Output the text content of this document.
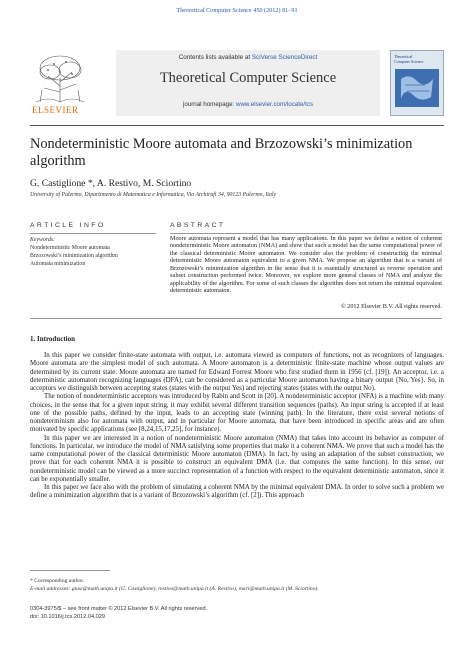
Theoretical Computer Science 450 (2012) 81–91
ELSEVIER
Contents lists available at SciVerse ScienceDirect
Theoretical Computer Science
journal homepage: www.elsevier.com/locate/tcs
Theoretical
Computer Science
Nondeterministic Moore automata and Brzozowski’s minimization
algorithm
G. Castiglione *, A. Restivo, M. Sciortino
University of Palermo, Dipartimento di Matematica e Informatica, Via Archirafi 34, 90123 Palermo, Italy
ARTICLE INFO	ABSTRACT
Keywords:
Nondeterministic Moore automata
Brzozowski’s minimization algorithm
Automata minimization
Moore automata represent a model that has many applications. In this paper we define a notion of coherent nondeterministic Moore automaton (NMA) and show that such a model has the same computational power of the classical deterministic Moore automaton. We consider also the problem of constructing the minimal deterministic Moore automaton equivalent to a given NMA. We propose an algorithm that is a variant of Brzozowski’s minimization algorithm in the sense that it is essentially structured as reverse operation and subset construction performed twice. Moreover, we explore more general classes of NMA and analyze the applicability of the algorithm. For some of such classes the algorithm does not return the minimal equivalent deterministic automaton.
© 2012 Elsevier B.V. All rights reserved.
1. Introduction

In this paper we consider finite-state automata with output, i.e. automata viewed as computers of functions, not as recognizers of languages. Moore automata are the simplest model of such automata. A Moore automaton is a deterministic finite-state machine whose output values are determined by its current state. Moore automata are named for Edward Forrest Moore who first studied them in 1956 (cf. [19]). An acceptor, i.e. a deterministic automaton recognizing languages (DFA), can be considered as a particular Moore automaton having a binary output {No, Yes}. So, in acceptors we distinguish between accepting states (states with the output Yes) and rejecting states (states with the output No).

The notion of nondeterministic acceptors was introduced by Rabin and Scott in [20]. A nondeterministic acceptor (NFA) is a machine with many choices, in the sense that for a given input string, it may exhibit several different transition sequences (paths). An input string is accepted if at least one of the possible paths, defined by the input, leads to an accepting state (winning path). In the literature, there exist several notions of nondeterminism also for automata with output, and in particular for Moore automata, that have been introduced in specific areas and are often motivated by specific applications (see [8,24,15,17,25], for instance).

In this paper we are interested in a notion of nondeterministic Moore automaton (NMA) that takes into account its behavior as computer of functions. In particular, we introduce the model of NMA satisfying some properties that make it a coherent NMA. We prove that such a model has the same computational power of the classical deterministic Moore automaton (DMA). In fact, by using an adaptation of the subset construction, we prove that for each coherent NMA it is possible to construct an equivalent DMA (i.e. that computes the same function). In this sense, our nondeterministic model can be viewed as a more succinct representation of a function with respect to the equivalent deterministic automaton, since it can be exponentially smaller.

In this paper we face also with the problem of simulating a coherent NMA by the minimal equivalent DMA. In order to solve such a problem we define a minimization algorithm that is a variant of Brzozowski’s algorithm (cf. [2]). This approach

* Corresponding author.
E-mail addresses: giusi@math.unipa.it (G. Castiglione), restivo@math.unipa.it (A. Restivo), mari@math.unipa.it (M. Sciortino).
0304-3975/$ – see front matter © 2012 Elsevier B.V. All rights reserved.
doi: 10.1016/j.tcs.2012.04.029
